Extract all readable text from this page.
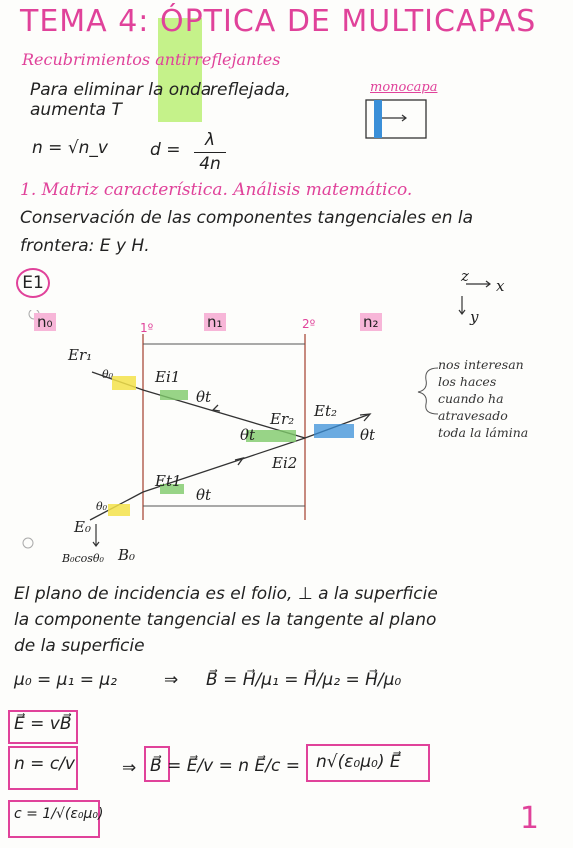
TEMA 4: ÓPTICA DE MULTICAPAS
Recubrimientos antirreflejantes
Para eliminar la onda
reflejada,
aumenta T
monocapa
n = √n_v d =	λ
4n
1. Matriz característica. Análisis matemático.
Conservación de las componentes tangenciales en la
frontera: E y H.
E1	z
x
y
n₀	n₁	n₂
1º	2º
Er₁
θ₀	Ei1
θt
Er₂
θt
Et₂
θt
Ei2
Et1
θt
θ₀
E₀
B₀cosθ₀ B₀
nos interesan
los haces
cuando ha
atravesado
toda la lámina
El plano de incidencia es el folio, ⊥ a la superficie
la componente tangencial es la tangente al plano
de la superficie
μ₀ = μ₁ = μ₂	⇒ B⃗ = H⃗/μ₁ = H⃗/μ₂ = H⃗/μ₀
E⃗ = vB⃗
n = c/v
c = 1/√(ε₀μ₀)
⇒ B⃗ = E⃗/v = n E⃗/c = n√(ε₀μ₀) E⃗
1
